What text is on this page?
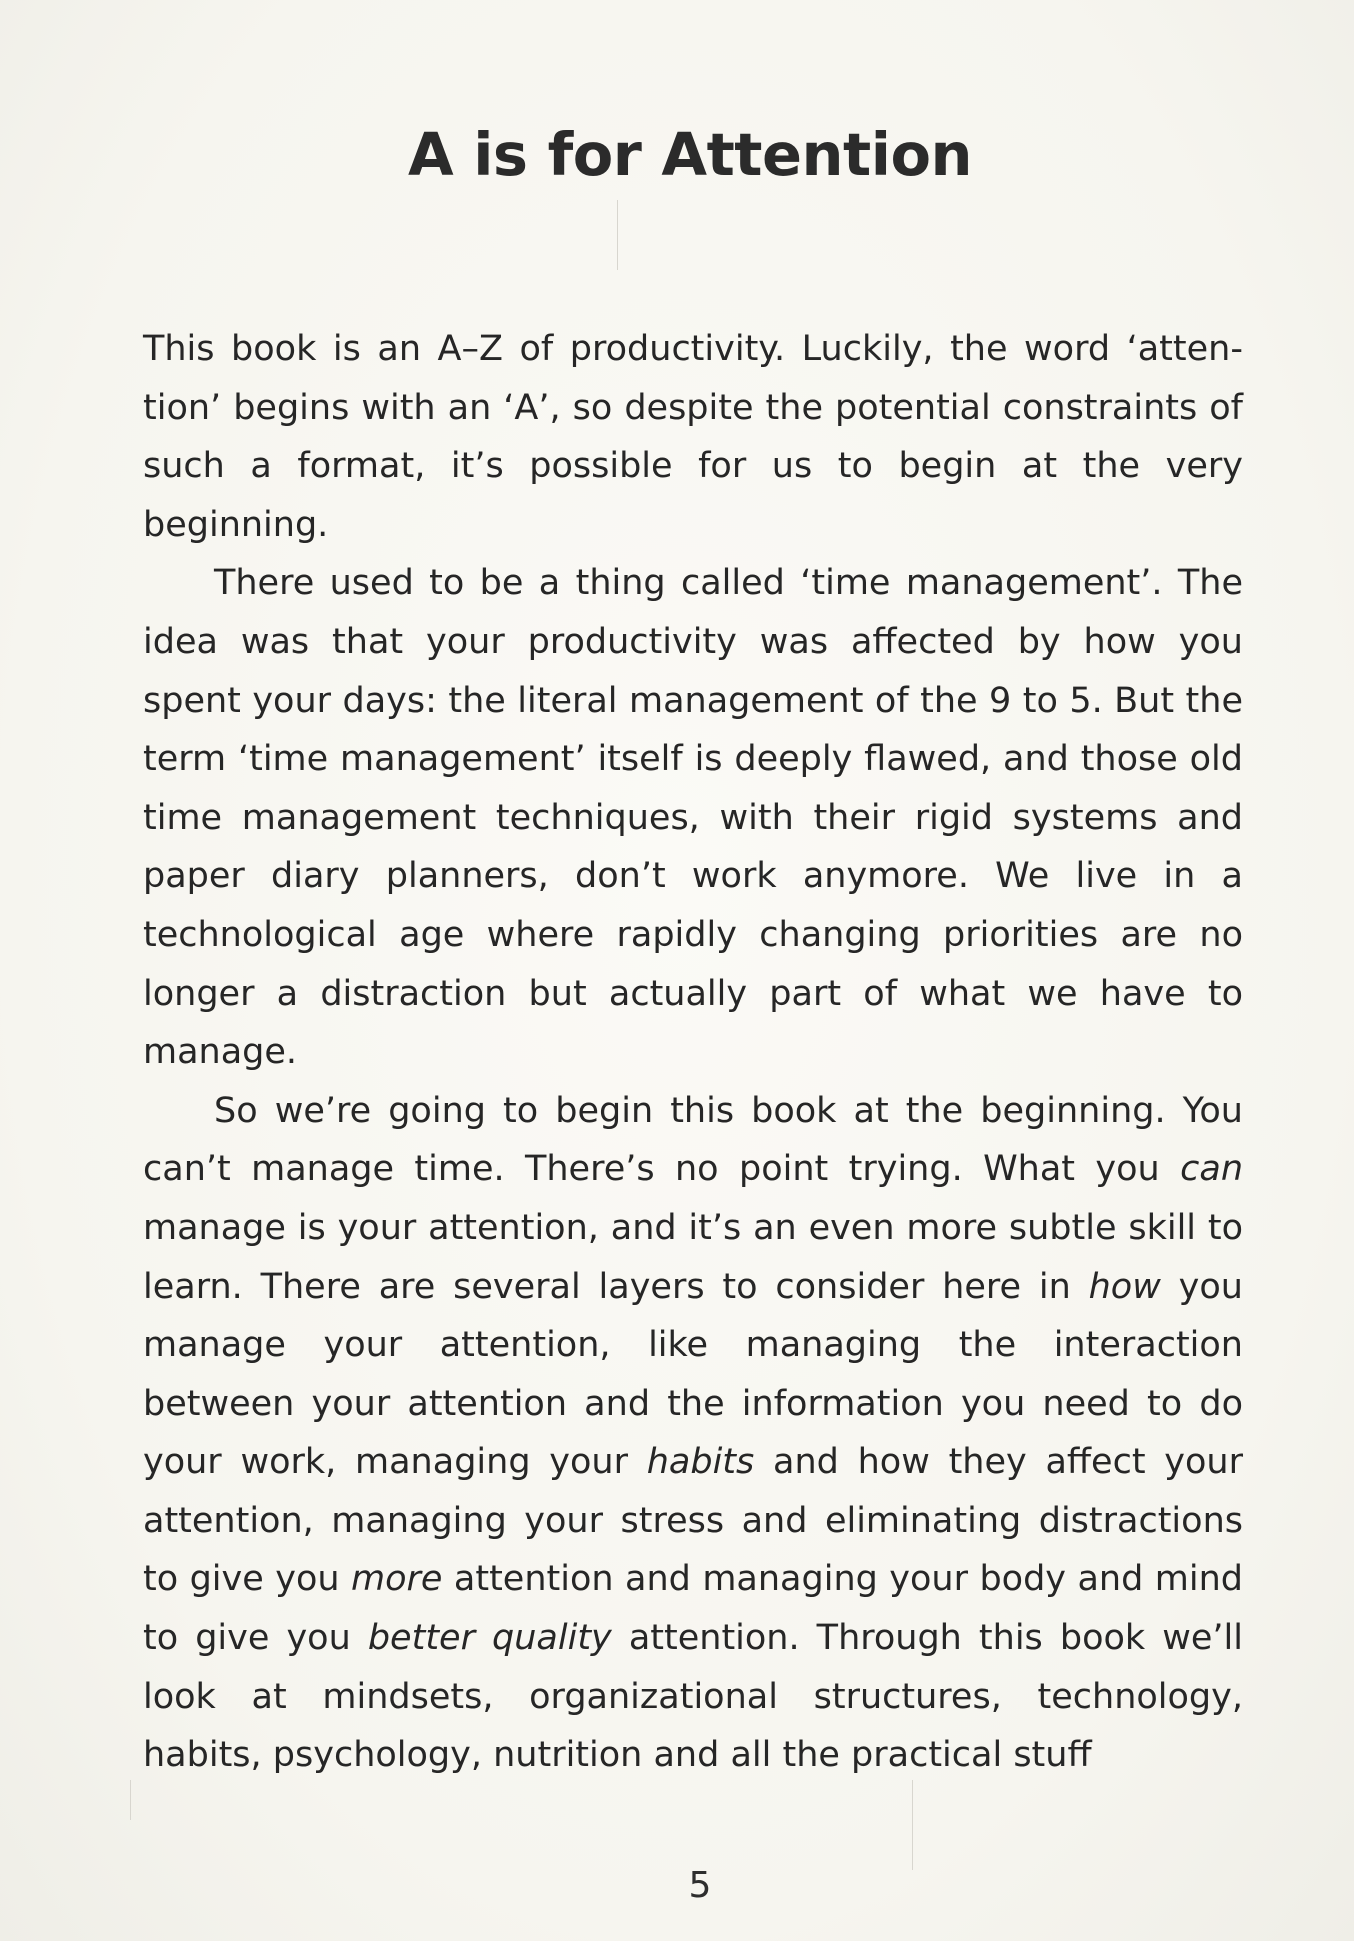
A is for Attention

This book is an A–Z of productivity. Luckily, the word ‘attention’ begins with an ‘A’, so despite the potential constraints of such a format, it’s possible for us to begin at the very beginning.

There used to be a thing called ‘time management’. The idea was that your productivity was affected by how you spent your days: the literal management of the 9 to 5. But the term ‘time management’ itself is deeply flawed, and those old time management techniques, with their rigid systems and paper diary planners, don’t work anymore. We live in a technological age where rapidly changing priorities are no longer a distraction but actually part of what we have to manage.

So we’re going to begin this book at the beginning. You can’t manage time. There’s no point trying. What you can manage is your attention, and it’s an even more subtle skill to learn. There are several layers to consider here in how you manage your attention, like managing the interaction between your attention and the information you need to do your work, managing your habits and how they affect your attention, managing your stress and eliminating distractions to give you more attention and managing your body and mind to give you better quality attention. Through this book we’ll look at mindsets, organizational structures, technology, habits, psychology, nutrition and all the practical stuff

5
